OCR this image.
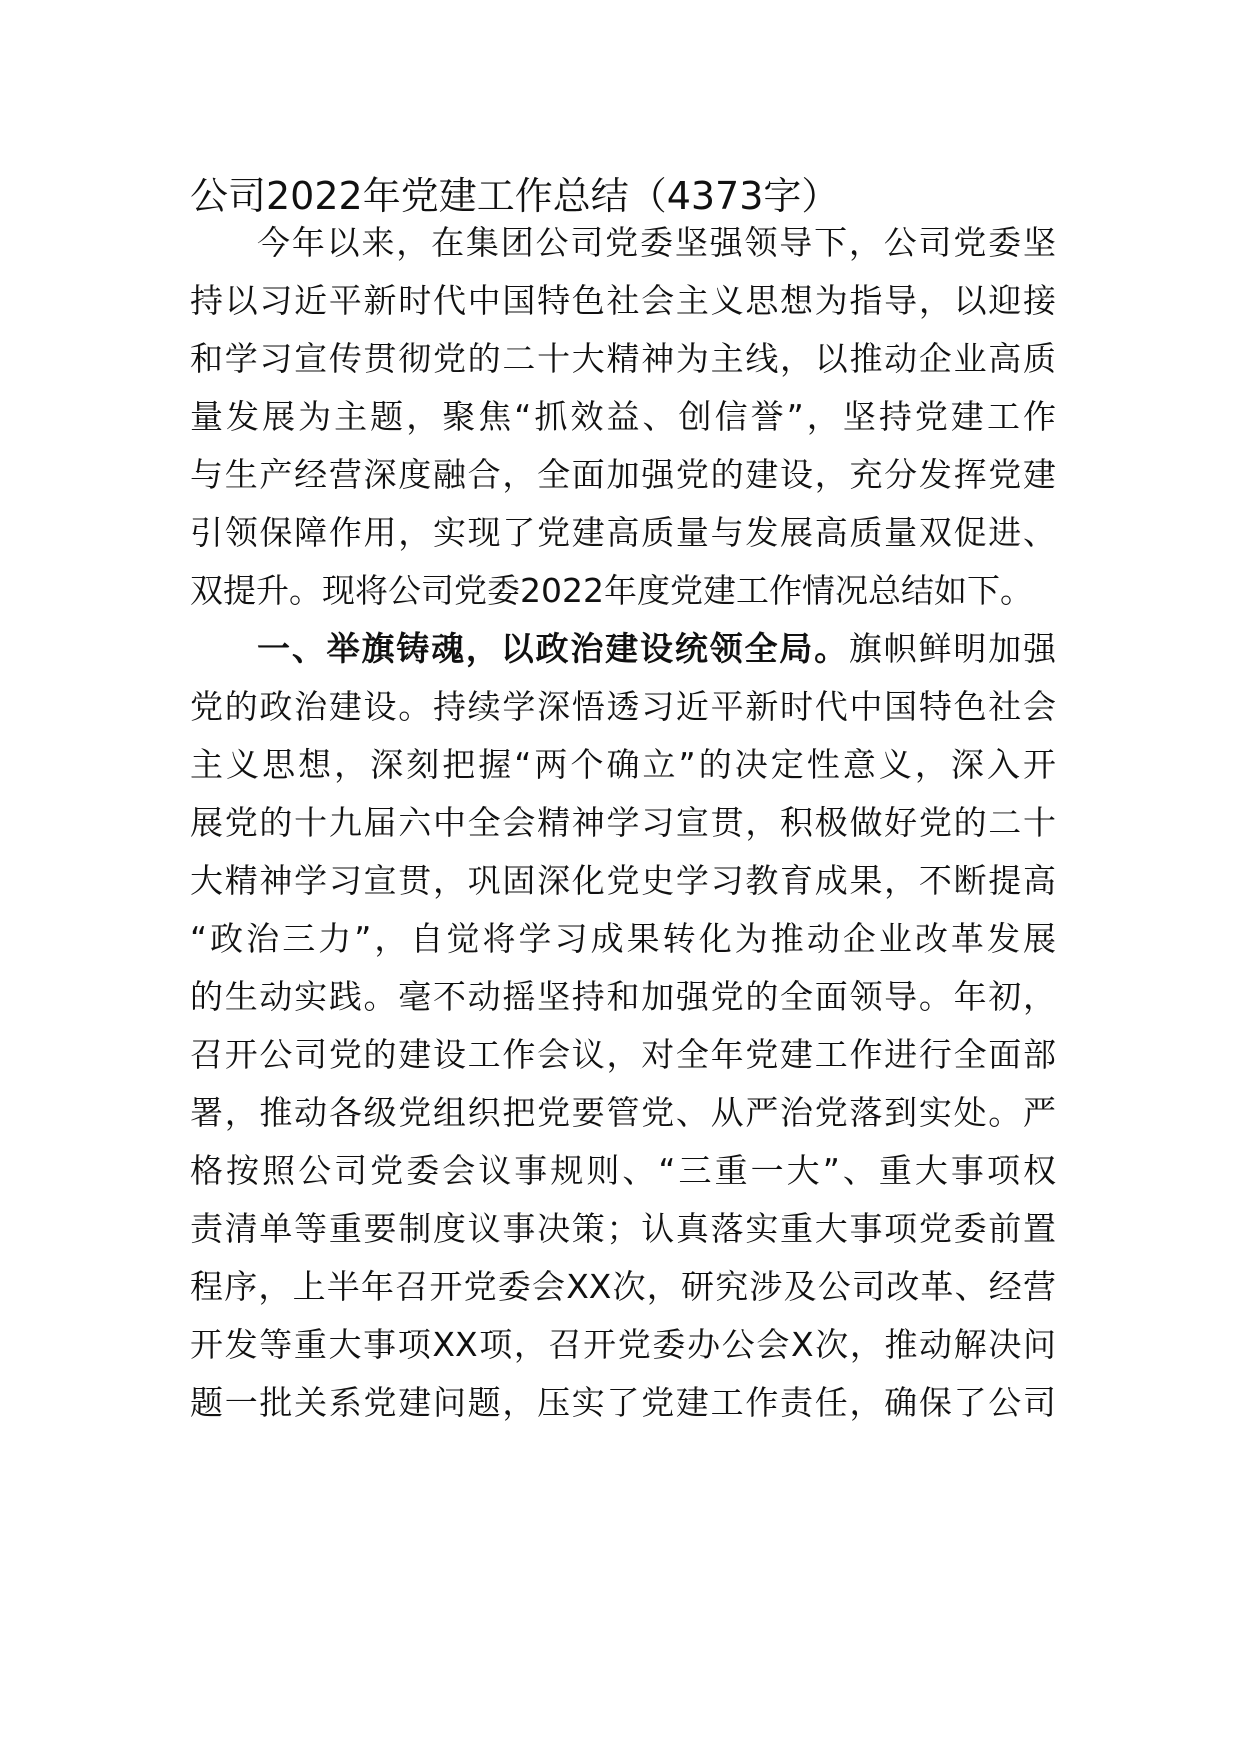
公司2022年党建工作总结（4373字）

今年以来，在集团公司党委坚强领导下，公司党委坚

持以习近平新时代中国特色社会主义思想为指导，以迎接

和学习宣传贯彻党的二十大精神为主线，以推动企业高质

量发展为主题，聚焦“抓效益、创信誉”，坚持党建工作

与生产经营深度融合，全面加强党的建设，充分发挥党建

引领保障作用，实现了党建高质量与发展高质量双促进、

双提升。现将公司党委2022年度党建工作情况总结如下。

一、举旗铸魂，以政治建设统领全局。旗帜鲜明加强

党的政治建设。持续学深悟透习近平新时代中国特色社会

主义思想，深刻把握“两个确立”的决定性意义，深入开

展党的十九届六中全会精神学习宣贯，积极做好党的二十

大精神学习宣贯，巩固深化党史学习教育成果，不断提高

“政治三力”，自觉将学习成果转化为推动企业改革发展

的生动实践。毫不动摇坚持和加强党的全面领导。年初，

召开公司党的建设工作会议，对全年党建工作进行全面部

署，推动各级党组织把党要管党、从严治党落到实处。严

格按照公司党委会议事规则、“三重一大”、重大事项权

责清单等重要制度议事决策；认真落实重大事项党委前置

程序，上半年召开党委会XX次，研究涉及公司改革、经营

开发等重大事项XX项，召开党委办公会X次，推动解决问

题一批关系党建问题，压实了党建工作责任，确保了公司
